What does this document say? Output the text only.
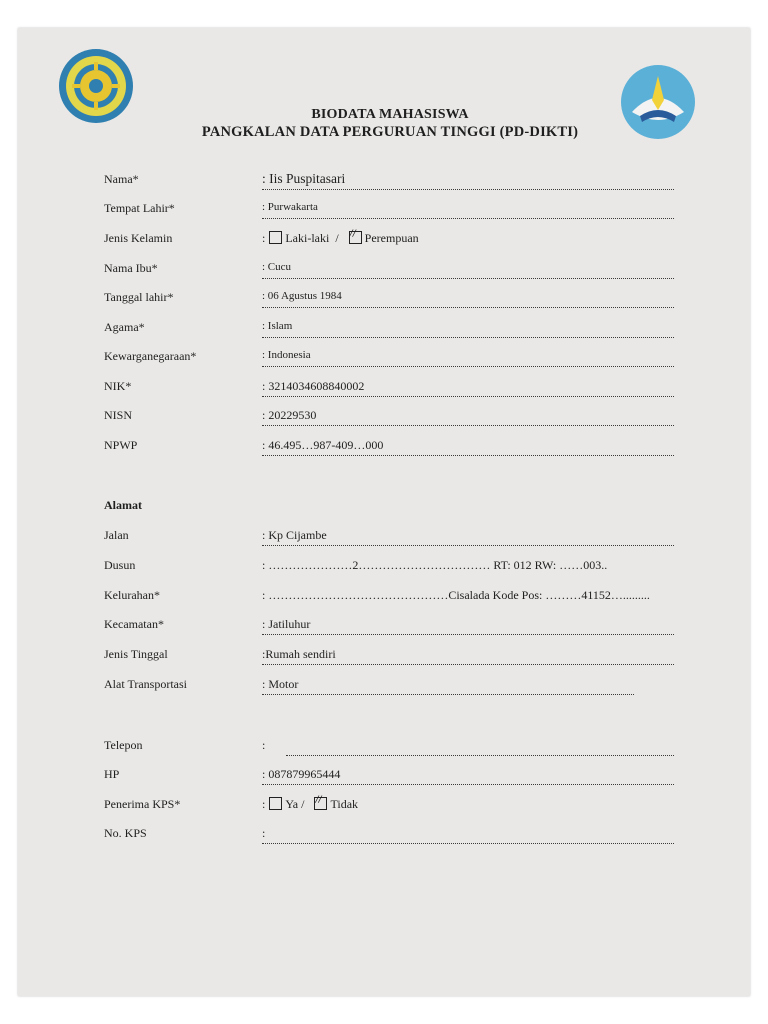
BIODATA MAHASISWA
PANGKALAN DATA PERGURUAN TINGGI (PD-DIKTI)
Nama*	: Iis Puspitasari
Tempat Lahir*	: Purwakarta
Jenis Kelamin	: Laki-laki / // Perempuan
Nama Ibu*	: Cucu
Tanggal lahir*	: 06 Agustus 1984
Agama*	: Islam
Kewarganegaraan*	: Indonesia
NIK*	: 3214034608840002
NISN	: 20229530
NPWP	: 46.495…987-409…000
Alamat
Jalan	: Kp Cijambe
Dusun	: …………………2…………………………… RT: 012 RW: ……003..
Kelurahan*	: ………………………………………Cisalada Kode Pos: ………41152….........
Kecamatan*	: Jatiluhur
Jenis Tinggal	:Rumah sendiri
Alat Transportasi	: Motor
Telepon	:
HP	: 087879965444
Penerima KPS*	: Ya / // Tidak
No. KPS	:
